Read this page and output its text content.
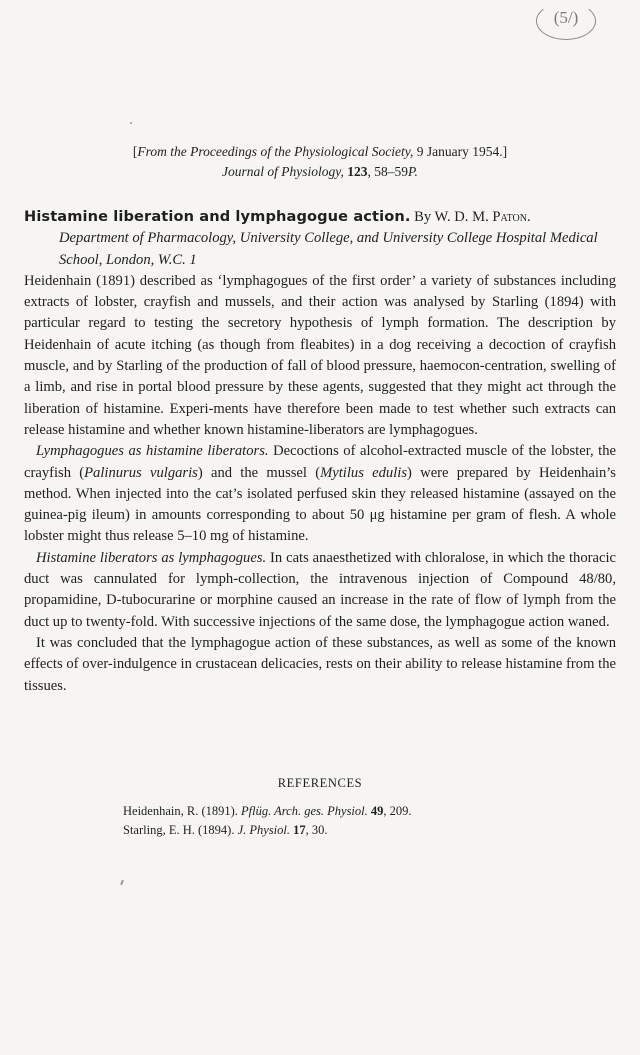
(5/)
[From the Proceedings of the Physiological Society, 9 January 1954.]
Journal of Physiology, 123, 58–59P.
Histamine liberation and lymphagogue action. By W. D. M. Paton.
Department of Pharmacology, University College, and University College Hospital Medical School, London, W.C. 1

Heidenhain (1891) described as ‘lymphagogues of the first order’ a variety of substances including extracts of lobster, crayfish and mussels, and their action was analysed by Starling (1894) with particular regard to testing the secretory hypothesis of lymph formation. The description by Heidenhain of acute itching (as though from fleabites) in a dog receiving a decoction of crayfish muscle, and by Starling of the production of fall of blood pressure, haemocon-centration, swelling of a limb, and rise in portal blood pressure by these agents, suggested that they might act through the liberation of histamine. Experi-ments have therefore been made to test whether such extracts can release histamine and whether known histamine-liberators are lymphagogues.

Lymphagogues as histamine liberators. Decoctions of alcohol-extracted muscle of the lobster, the crayfish (Palinurus vulgaris) and the mussel (Mytilus edulis) were prepared by Heidenhain’s method. When injected into the cat’s isolated perfused skin they released histamine (assayed on the guinea-pig ileum) in amounts corresponding to about 50 μg histamine per gram of flesh. A whole lobster might thus release 5–10 mg of histamine.

Histamine liberators as lymphagogues. In cats anaesthetized with chloralose, in which the thoracic duct was cannulated for lymph-collection, the intravenous injection of Compound 48/80, propamidine, D-tubocurarine or morphine caused an increase in the rate of flow of lymph from the duct up to twenty-fold. With successive injections of the same dose, the lymphagogue action waned.

It was concluded that the lymphagogue action of these substances, as well as some of the known effects of over-indulgence in crustacean delicacies, rests on their ability to release histamine from the tissues.

REFERENCES
Heidenhain, R. (1891). Pflüg. Arch. ges. Physiol. 49, 209.
Starling, E. H. (1894). J. Physiol. 17, 30.
